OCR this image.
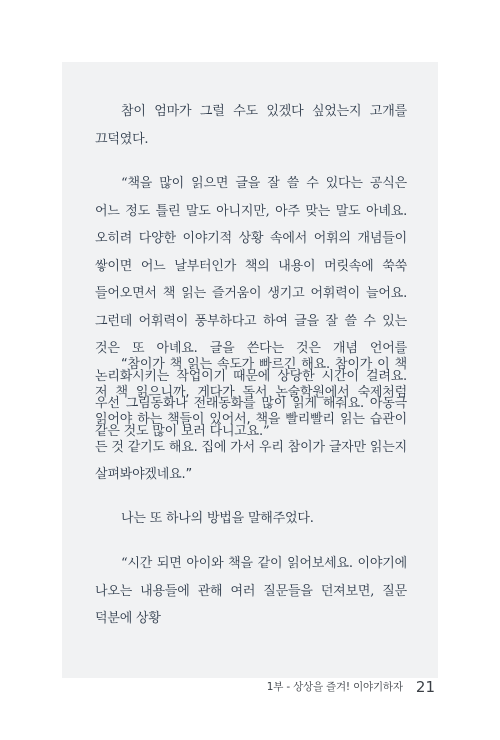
참이 엄마가 그럴 수도 있겠다 싶었는지 고개를 끄덕였다.

“책을 많이 읽으면 글을 잘 쓸 수 있다는 공식은 어느 정도 틀린 말도 아니지만, 아주 맞는 말도 아녜요. 오히려 다양한 이야기적 상황 속에서 어휘의 개념들이 쌓이면 어느 날부터인가 책의 내용이 머릿속에 쑥쑥 들어오면서 책 읽는 즐거움이 생기고 어휘력이 늘어요. 그런데 어휘력이 풍부하다고 하여 글을 잘 쓸 수 있는 것은 또 아녜요. 글을 쓴다는 것은 개념 언어를 논리화시키는 작업이기 때문에 상당한 시간이 걸려요. 우선 그림동화나 전래동화를 많이 읽게 해줘요. 아동극 같은 것도 많이 보러 다니고요.”

“참이가 책 읽는 속도가 빠르긴 해요. 참이가 이 책 저 책 읽으니까, 게다가 독서 논술학원에서 숙제처럼 읽어야 하는 책들이 있어서, 책을 빨리빨리 읽는 습관이 든 것 같기도 해요. 집에 가서 우리 참이가 글자만 읽는지 살펴봐야겠네요.”

나는 또 하나의 방법을 말해주었다.

“시간 되면 아이와 책을 같이 읽어보세요. 이야기에 나오는 내용들에 관해 여러 질문들을 던져보면, 질문 덕분에 상황

1부 - 상상을 즐겨! 이야기하자 21
